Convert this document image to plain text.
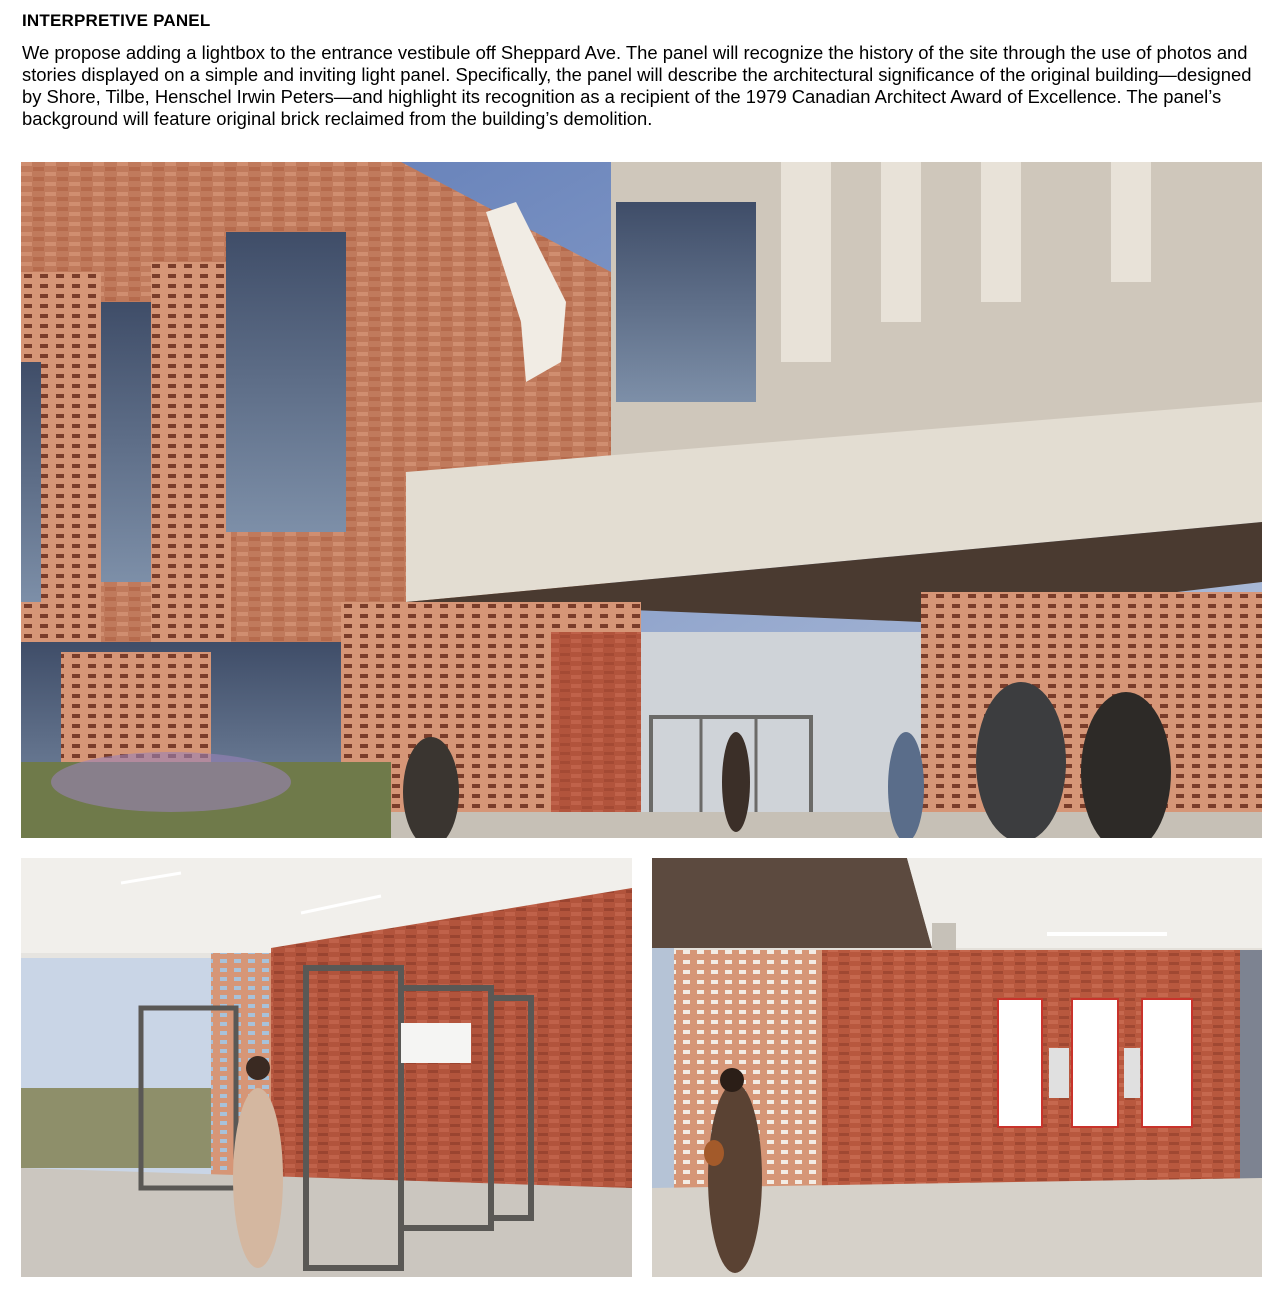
INTERPRETIVE PANEL
We propose adding a lightbox to the entrance vestibule off Sheppard Ave. The panel will recognize the history of the site through the use of photos and stories displayed on a simple and inviting light panel. Specifically, the panel will describe the architectural significance of the original building—designed by Shore, Tilbe, Henschel Irwin Peters—and highlight its recognition as a recipient of the 1979 Canadian Architect Award of Excellence. The panel’s background will feature original brick reclaimed from the building’s demolition.
